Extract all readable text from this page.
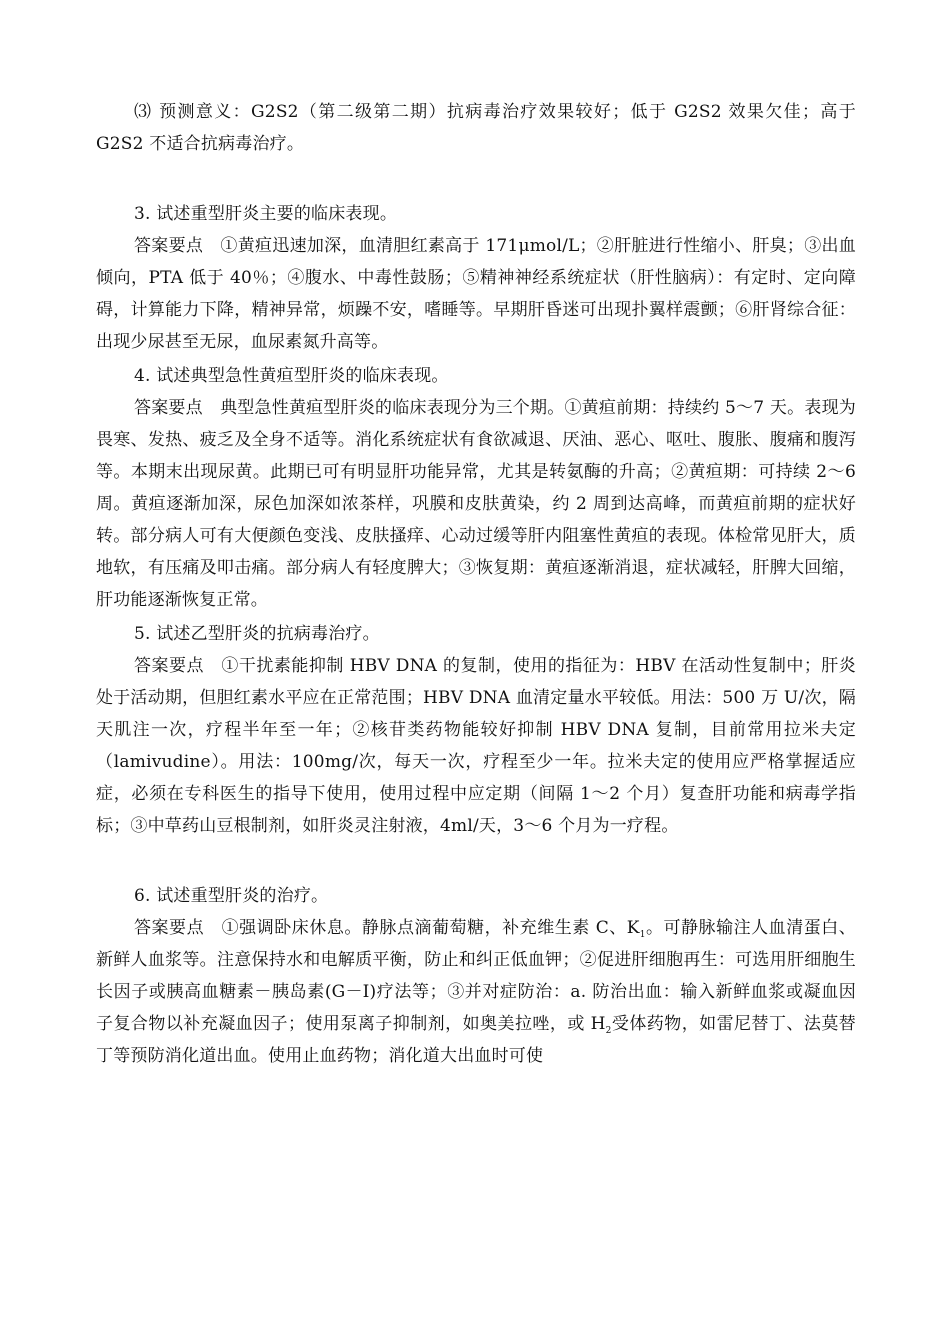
⑶ 预测意义：G2S2（第二级第二期）抗病毒治疗效果较好；低于 G2S2 效果欠佳；高于 G2S2 不适合抗病毒治疗。

3. 试述重型肝炎主要的临床表现。

答案要点　①黄疸迅速加深，血清胆红素高于 171μmol/L；②肝脏进行性缩小、肝臭；③出血倾向，PTA 低于 40％；④腹水、中毒性鼓肠；⑤精神神经系统症状（肝性脑病）：有定时、定向障碍，计算能力下降，精神异常，烦躁不安，嗜睡等。早期肝昏迷可出现扑翼样震颤；⑥肝肾综合征：出现少尿甚至无尿，血尿素氮升高等。

4. 试述典型急性黄疸型肝炎的临床表现。

答案要点　典型急性黄疸型肝炎的临床表现分为三个期。①黄疸前期：持续约 5～7 天。表现为畏寒、发热、疲乏及全身不适等。消化系统症状有食欲减退、厌油、恶心、呕吐、腹胀、腹痛和腹泻等。本期末出现尿黄。此期已可有明显肝功能异常，尤其是转氨酶的升高；②黄疸期：可持续 2～6 周。黄疸逐渐加深，尿色加深如浓茶样，巩膜和皮肤黄染，约 2 周到达高峰，而黄疸前期的症状好转。部分病人可有大便颜色变浅、皮肤搔痒、心动过缓等肝内阻塞性黄疸的表现。体检常见肝大，质地软，有压痛及叩击痛。部分病人有轻度脾大；③恢复期：黄疸逐渐消退，症状减轻，肝脾大回缩，肝功能逐渐恢复正常。

5. 试述乙型肝炎的抗病毒治疗。

答案要点　①干扰素能抑制 HBV DNA 的复制，使用的指征为：HBV 在活动性复制中；肝炎处于活动期，但胆红素水平应在正常范围；HBV DNA 血清定量水平较低。用法：500 万 U/次，隔天肌注一次，疗程半年至一年；②核苷类药物能较好抑制 HBV DNA 复制，目前常用拉米夫定（lamivudine）。用法：100mg/次，每天一次，疗程至少一年。拉米夫定的使用应严格掌握适应症，必须在专科医生的指导下使用，使用过程中应定期（间隔 1～2 个月）复查肝功能和病毒学指标；③中草药山豆根制剂，如肝炎灵注射液，4ml/天，3～6 个月为一疗程。

6. 试述重型肝炎的治疗。

答案要点　①强调卧床休息。静脉点滴葡萄糖，补充维生素 C、$K_1$。可静脉输注人血清蛋白、新鲜人血浆等。注意保持水和电解质平衡，防止和纠正低血钾；②促进肝细胞再生：可选用肝细胞生长因子或胰高血糖素－胰岛素(G－I)疗法等；③并对症防治：a. 防治出血：输入新鲜血浆或凝血因子复合物以补充凝血因子；使用泵离子抑制剂，如奥美拉唑，或 $H_2$受体药物，如雷尼替丁、法莫替丁等预防消化道出血。使用止血药物；消化道大出血时可使
